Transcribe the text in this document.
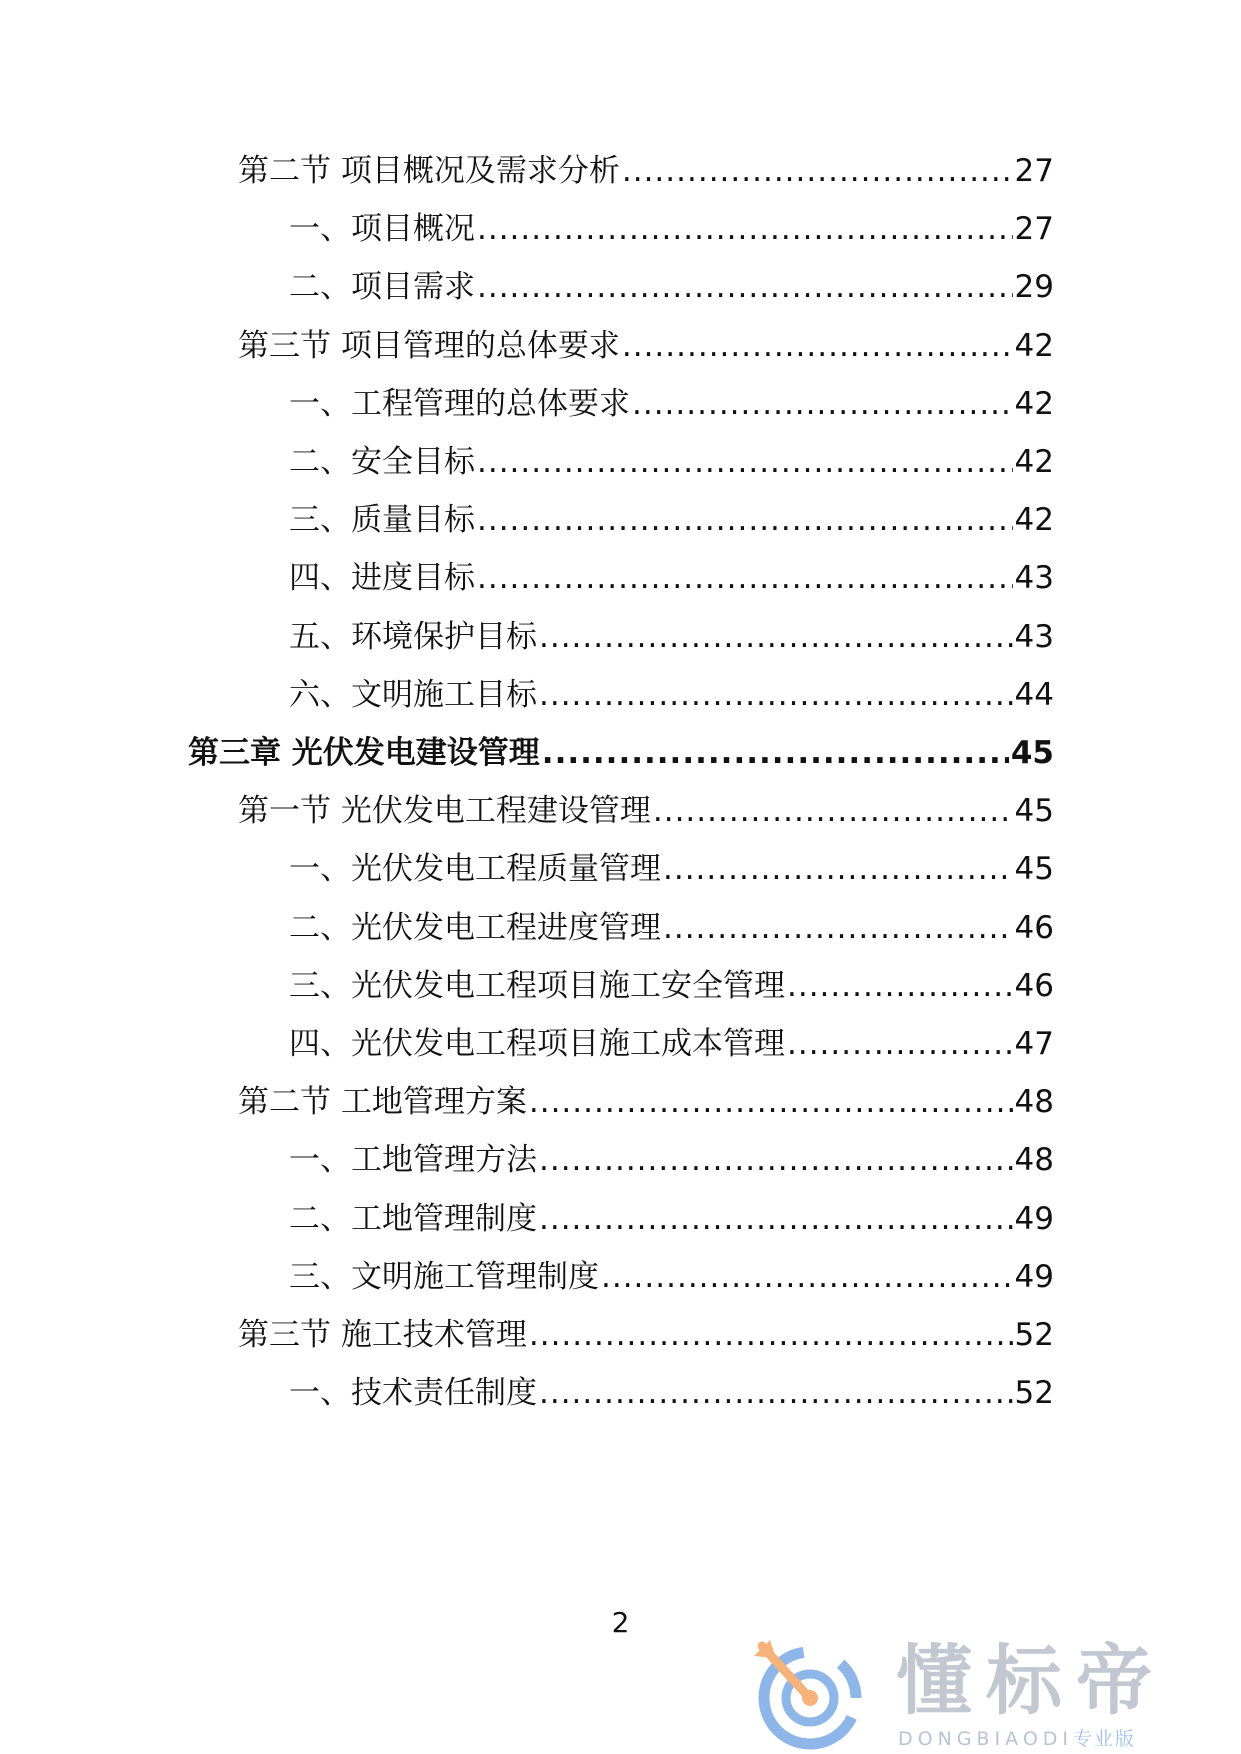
第二节 项目概况及需求分析 .....	27
一、项目概况 .....	27
二、项目需求 .....	29
第三节 项目管理的总体要求 .....	42
一、工程管理的总体要求 .....	42
二、安全目标 .....	42
三、质量目标 .....	42
四、进度目标 .....	43
五、环境保护目标 .....	43
六、文明施工目标 .....	44
第三章 光伏发电建设管理 .....	45
第一节 光伏发电工程建设管理 .....	45
一、光伏发电工程质量管理 .....	45
二、光伏发电工程进度管理 .....	46
三、光伏发电工程项目施工安全管理 .....	46
四、光伏发电工程项目施工成本管理 .....	47
第二节 工地管理方案 .....	48
一、工地管理方法 .....	48
二、工地管理制度 .....	49
三、文明施工管理制度 .....	49
第三节 施工技术管理 .....	52
一、技术责任制度 .....	52
2
懂标帝
DONGBIAODI专业版
